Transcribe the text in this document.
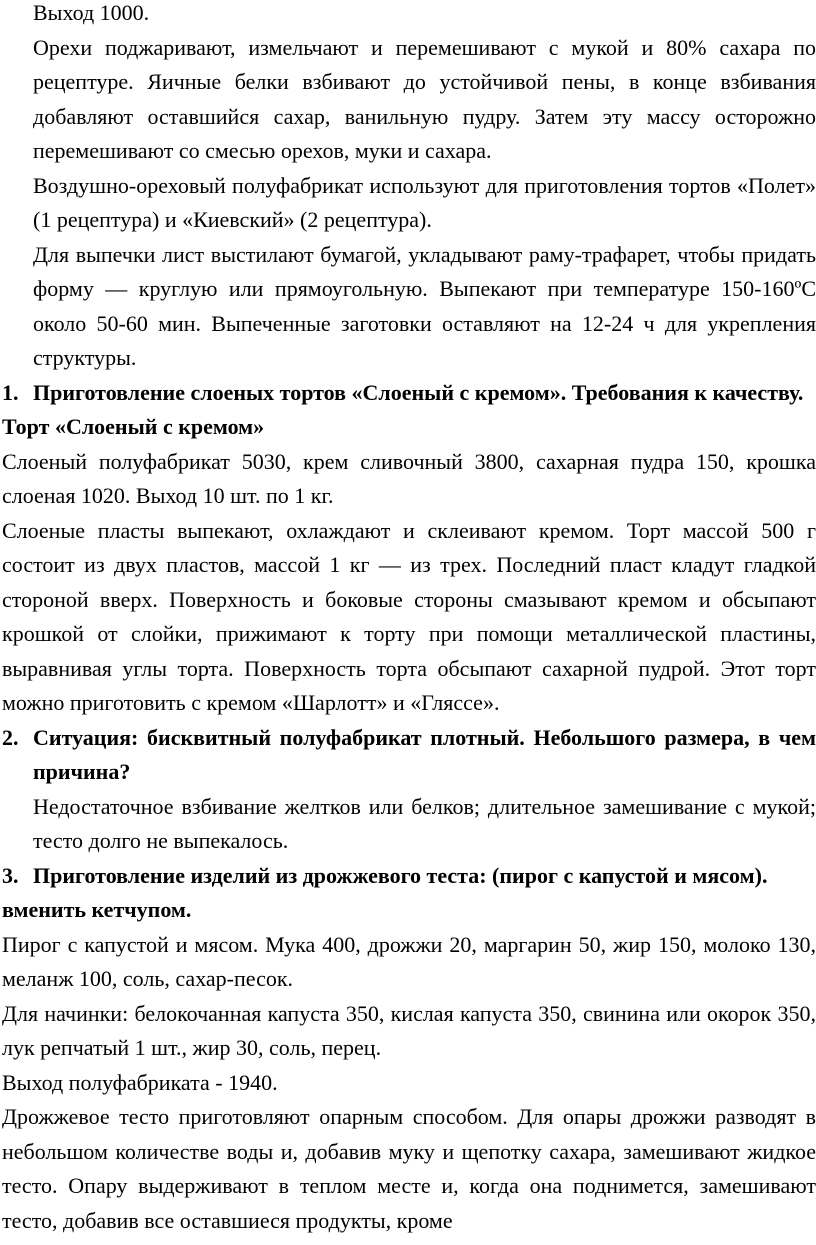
Выход 1000.

Орехи поджаривают, измельчают и перемешивают с мукой и 80% сахара по рецептуре. Яичные белки взбивают до устойчивой пены, в конце взбивания добавляют оставшийся сахар, ванильную пудру. Затем эту массу осторожно перемешивают со смесью орехов, муки и сахара.

Воздушно-ореховый полуфабрикат используют для приготовления тортов «Полет» (1 рецептура) и «Киевский» (2 рецептура).

Для выпечки лист выстилают бумагой, укладывают раму-трафарет, чтобы придать форму — круглую или прямоугольную. Выпекают при температуре 150-160ºС около 50-60 мин. Выпеченные заготовки оставляют на 12-24 ч для укрепления структуры.

1. Приготовление слоеных тортов «Слоеный с кремом». Требования к качеству.

Торт «Слоеный с кремом»

Слоеный полуфабрикат 5030, крем сливочный 3800, сахарная пудра 150, крошка слоеная 1020. Выход 10 шт. по 1 кг.

Слоеные пласты выпекают, охлаждают и склеивают кремом. Торт массой 500 г состоит из двух пластов, массой 1 кг — из трех. Последний пласт кладут гладкой стороной вверх. Поверхность и боковые стороны смазывают кремом и обсыпают крошкой от слойки, прижимают к торту при помощи металлической пластины, выравнивая углы торта. Поверхность торта обсыпают сахарной пудрой. Этот торт можно приготовить с кремом «Шарлотт» и «Гляссе».

2. Ситуация: бисквитный полуфабрикат плотный. Небольшого размера, в чем причина?

Недостаточное взбивание желтков или белков; длительное замешивание с мукой; тесто долго не выпекалось.

3. Приготовление изделий из дрожжевого теста: (пирог с капустой и мясом).

вменить кетчупом.

Пирог с капустой и мясом. Мука 400, дрожжи 20, маргарин 50, жир 150, молоко 130, меланж 100, соль, сахар-песок.

Для начинки: белокочанная капуста 350, кислая капуста 350, свинина или окорок 350, лук репчатый 1 шт., жир 30, соль, перец.

Выход полуфабриката - 1940.

Дрожжевое тесто приготовляют опарным способом. Для опары дрожжи разводят в небольшом количестве воды и, добавив муку и щепотку сахара, замешивают жидкое тесто. Опару выдерживают в теплом месте и, когда она поднимется, замешивают тесто, добавив все оставшиеся продукты, кроме
